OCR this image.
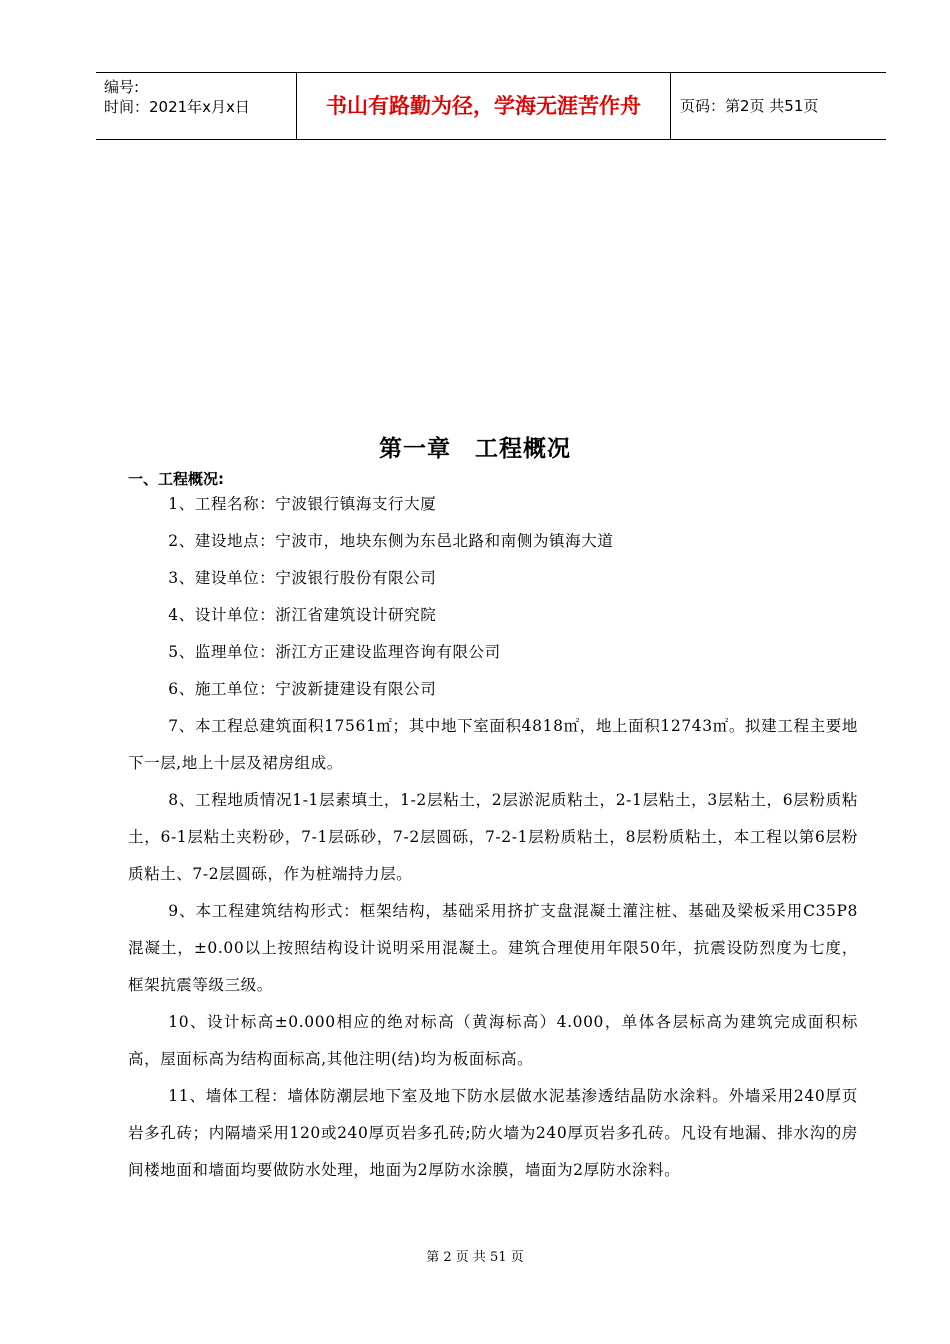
编号:
时间：2021年x月x日	书山有路勤为径，学海无涯苦作舟	页码：第2页 共51页
第一章　工程概况
一、工程概况:

1、工程名称：宁波银行镇海支行大厦

2、建设地点：宁波市，地块东侧为东邑北路和南侧为镇海大道

3、建设单位：宁波银行股份有限公司

4、设计单位：浙江省建筑设计研究院

5、监理单位：浙江方正建设监理咨询有限公司

6、施工单位：宁波新捷建设有限公司

7、本工程总建筑面积17561㎡；其中地下室面积4818㎡，地上面积12743㎡。拟建工程主要地下一层,地上十层及裙房组成。

8、工程地质情况1-1层素填土，1-2层粘土，2层淤泥质粘土，2-1层粘土，3层粘土，6层粉质粘土，6-1层粘土夹粉砂，7-1层砾砂，7-2层圆砾，7-2-1层粉质粘土，8层粉质粘土，本工程以第6层粉质粘土、7-2层圆砾，作为桩端持力层。

9、本工程建筑结构形式：框架结构，基础采用挤扩支盘混凝土灌注桩、基础及梁板采用C35P8混凝土，±0.00以上按照结构设计说明采用混凝土。建筑合理使用年限50年，抗震设防烈度为七度，框架抗震等级三级。

10、设计标高±0.000相应的绝对标高（黄海标高）4.000，单体各层标高为建筑完成面积标高，屋面标高为结构面标高,其他注明(结)均为板面标高。

11、墙体工程：墙体防潮层地下室及地下防水层做水泥基渗透结晶防水涂料。外墙采用240厚页岩多孔砖；内隔墙采用120或240厚页岩多孔砖;防火墙为240厚页岩多孔砖。凡设有地漏、排水沟的房间楼地面和墙面均要做防水处理，地面为2厚防水涂膜，墙面为2厚防水涂料。

第 2 页 共 51 页
